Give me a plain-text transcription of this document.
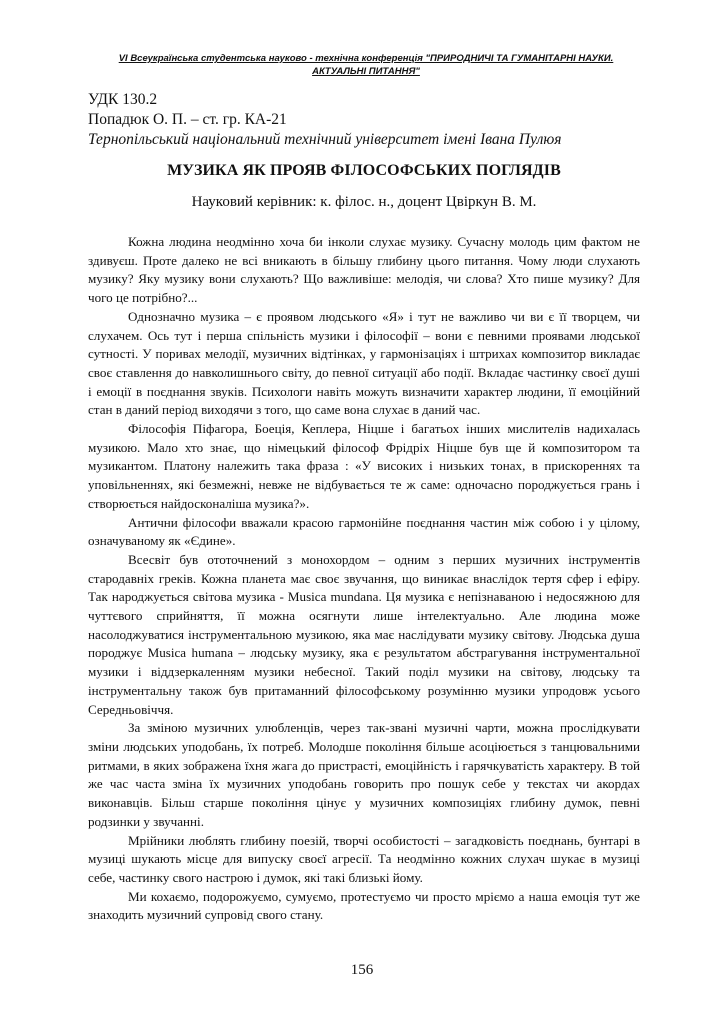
VI Всеукраїнська студентська науково - технічна конференція "ПРИРОДНИЧІ ТА ГУМАНІТАРНІ НАУКИ. АКТУАЛЬНІ ПИТАННЯ"
УДК 130.2
Попадюк О. П. – ст. гр. КА-21
Тернопільський національний технічний університет імені Івана Пулюя
МУЗИКА ЯК ПРОЯВ ФІЛОСОФСЬКИХ ПОГЛЯДІВ
Науковий керівник: к. філос. н., доцент Цвіркун В. М.

Кожна людина неодмінно хоча би інколи слухає музику. Сучасну молодь цим фактом не здивуєш. Проте далеко не всі вникають в більшу глибину цього питання. Чому люди слухають музику? Яку музику вони слухають? Що важливіше: мелодія, чи слова? Хто пише музику? Для чого це потрібно?...

Однозначно музика – є проявом людського «Я» і тут не важливо чи ви є її творцем, чи слухачем. Ось тут і перша спільність музики і філософії – вони є певними проявами людської сутності. У поривах мелодії, музичних відтінках, у гармонізаціях і штрихах композитор викладає своє ставлення до навколишнього світу, до певної ситуації або події. Вкладає частинку своєї душі і емоції в поєднання звуків. Психологи навіть можуть визначити характер людини, її емоційний стан в даний період виходячи з того, що саме вона слухає в даний час.

Філософія Піфагора, Боеція, Кеплера, Ніцше і багатьох інших мислителів надихалась музикою. Мало хто знає, що німецький філософ Фрідріх Ніцше був ще й композитором та музикантом. Платону належить така фраза : «У високих і низьких тонах, в прискореннях та уповільненнях, які безмежні, невже не відбувається те ж саме: одночасно породжується грань і створюється найдосконаліша музика?».

Антични філософи вважали красою гармонійне поєднання частин між собою і у цілому, означуваному як «Єдине».

Всесвіт був ототочнений з монохордом – одним з перших музичних інструментів стародавніх греків. Кожна планета має своє звучання, що виникає внаслідок тертя сфер і ефіру. Так народжується світова музика - Musica mundana. Ця музика є непізнаваною і недосяжною для чуттєвого сприйняття, її можна осягнути лише інтелектуально. Але людина може насолоджуватися інструментальною музикою, яка має наслідувати музику світову. Людська душа породжує Musica humana – людську музику, яка є результатом абстрагування інструментальної музики і віддзеркаленням музики небесної. Такий поділ музики на світову, людську та інструментальну також був притаманний філософському розумінню музики упродовж усього Середньовіччя.

За зміною музичних улюбленців, через так-звані музичні чарти, можна прослідкувати зміни людських уподобань, їх потреб. Молодше покоління більше асоціюється з танцювальними ритмами, в яких зображена їхня жага до пристрасті, емоційність і гарячкуватість характеру. В той же час часта зміна їх музичних уподобань говорить про пошук себе у текстах чи акордах виконавців. Більш старше покоління цінує у музичних композиціях глибину думок, певні родзинки у звучанні.

Мрійники люблять глибину поезій, творчі особистості – загадковість поєднань, бунтарі в музиці шукають місце для випуску своєї агресії. Та неодмінно кожних слухач шукає в музиці себе, частинку свого настрою і думок, які такі близькі йому.

Ми кохаємо, подорожуємо, сумуємо, протестуємо чи просто мріємо а наша емоція тут же знаходить музичний супровід свого стану.

156
